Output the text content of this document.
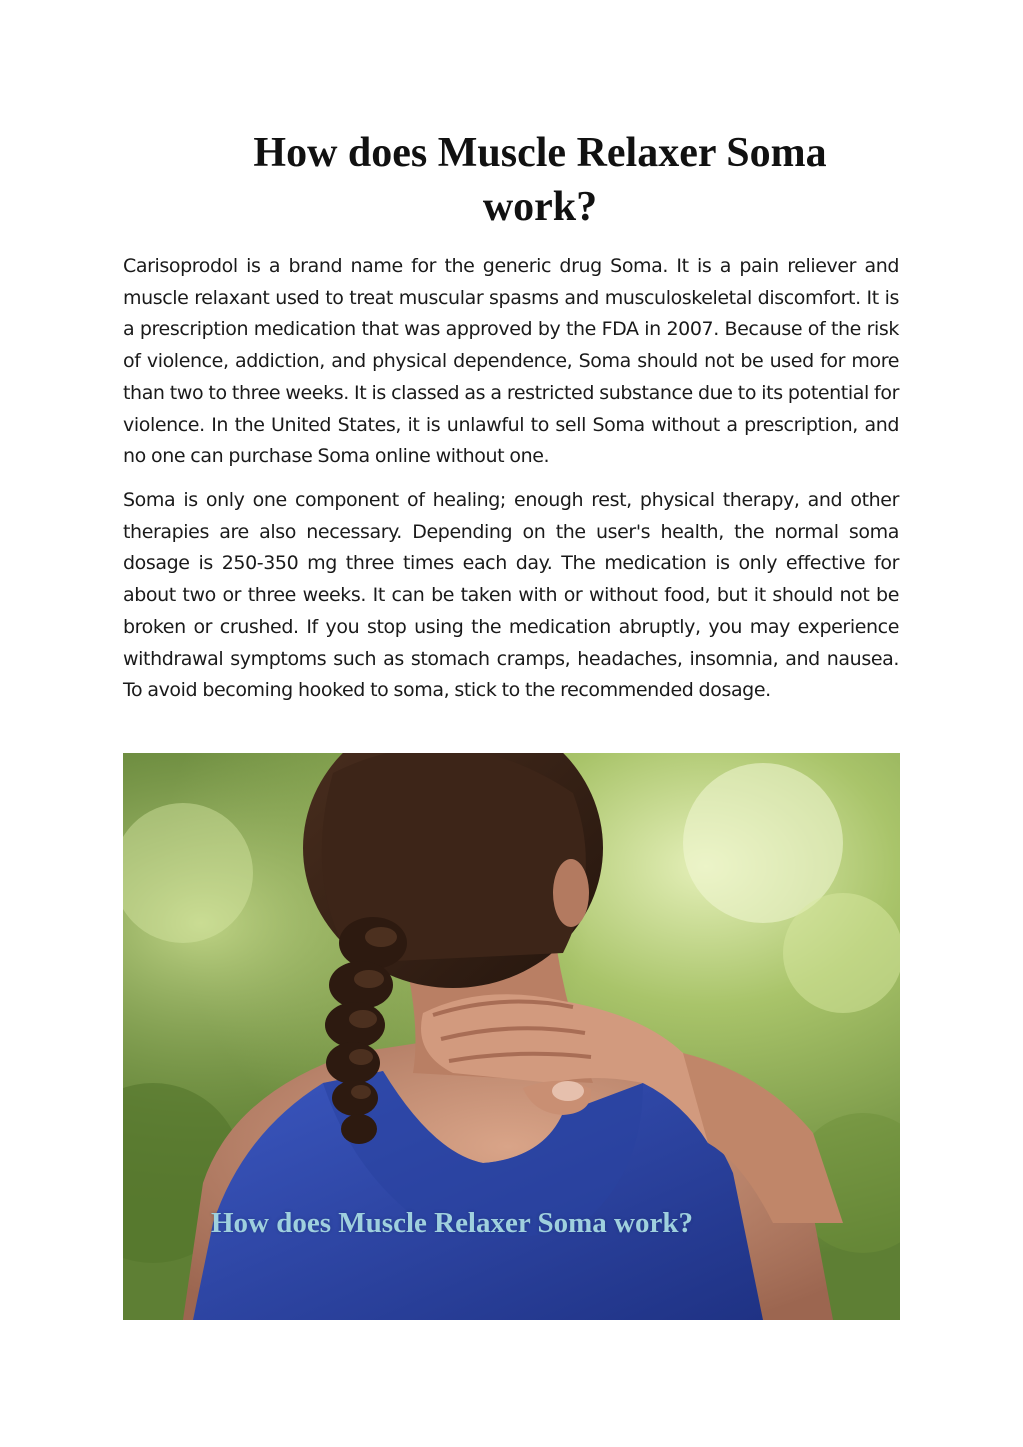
How does Muscle Relaxer Soma work?

Carisoprodol is a brand name for the generic drug Soma. It is a pain reliever and muscle relaxant used to treat muscular spasms and musculoskeletal discomfort. It is a prescription medication that was approved by the FDA in 2007. Because of the risk of violence, addiction, and physical dependence, Soma should not be used for more than two to three weeks. It is classed as a restricted substance due to its potential for violence. In the United States, it is unlawful to sell Soma without a prescription, and no one can purchase Soma online without one.

Soma is only one component of healing; enough rest, physical therapy, and other therapies are also necessary. Depending on the user's health, the normal soma dosage is 250-350 mg three times each day. The medication is only effective for about two or three weeks. It can be taken with or without food, but it should not be broken or crushed. If you stop using the medication abruptly, you may experience withdrawal symptoms such as stomach cramps, headaches, insomnia, and nausea. To avoid becoming hooked to soma, stick to the recommended dosage.

How does Muscle Relaxer Soma work?
